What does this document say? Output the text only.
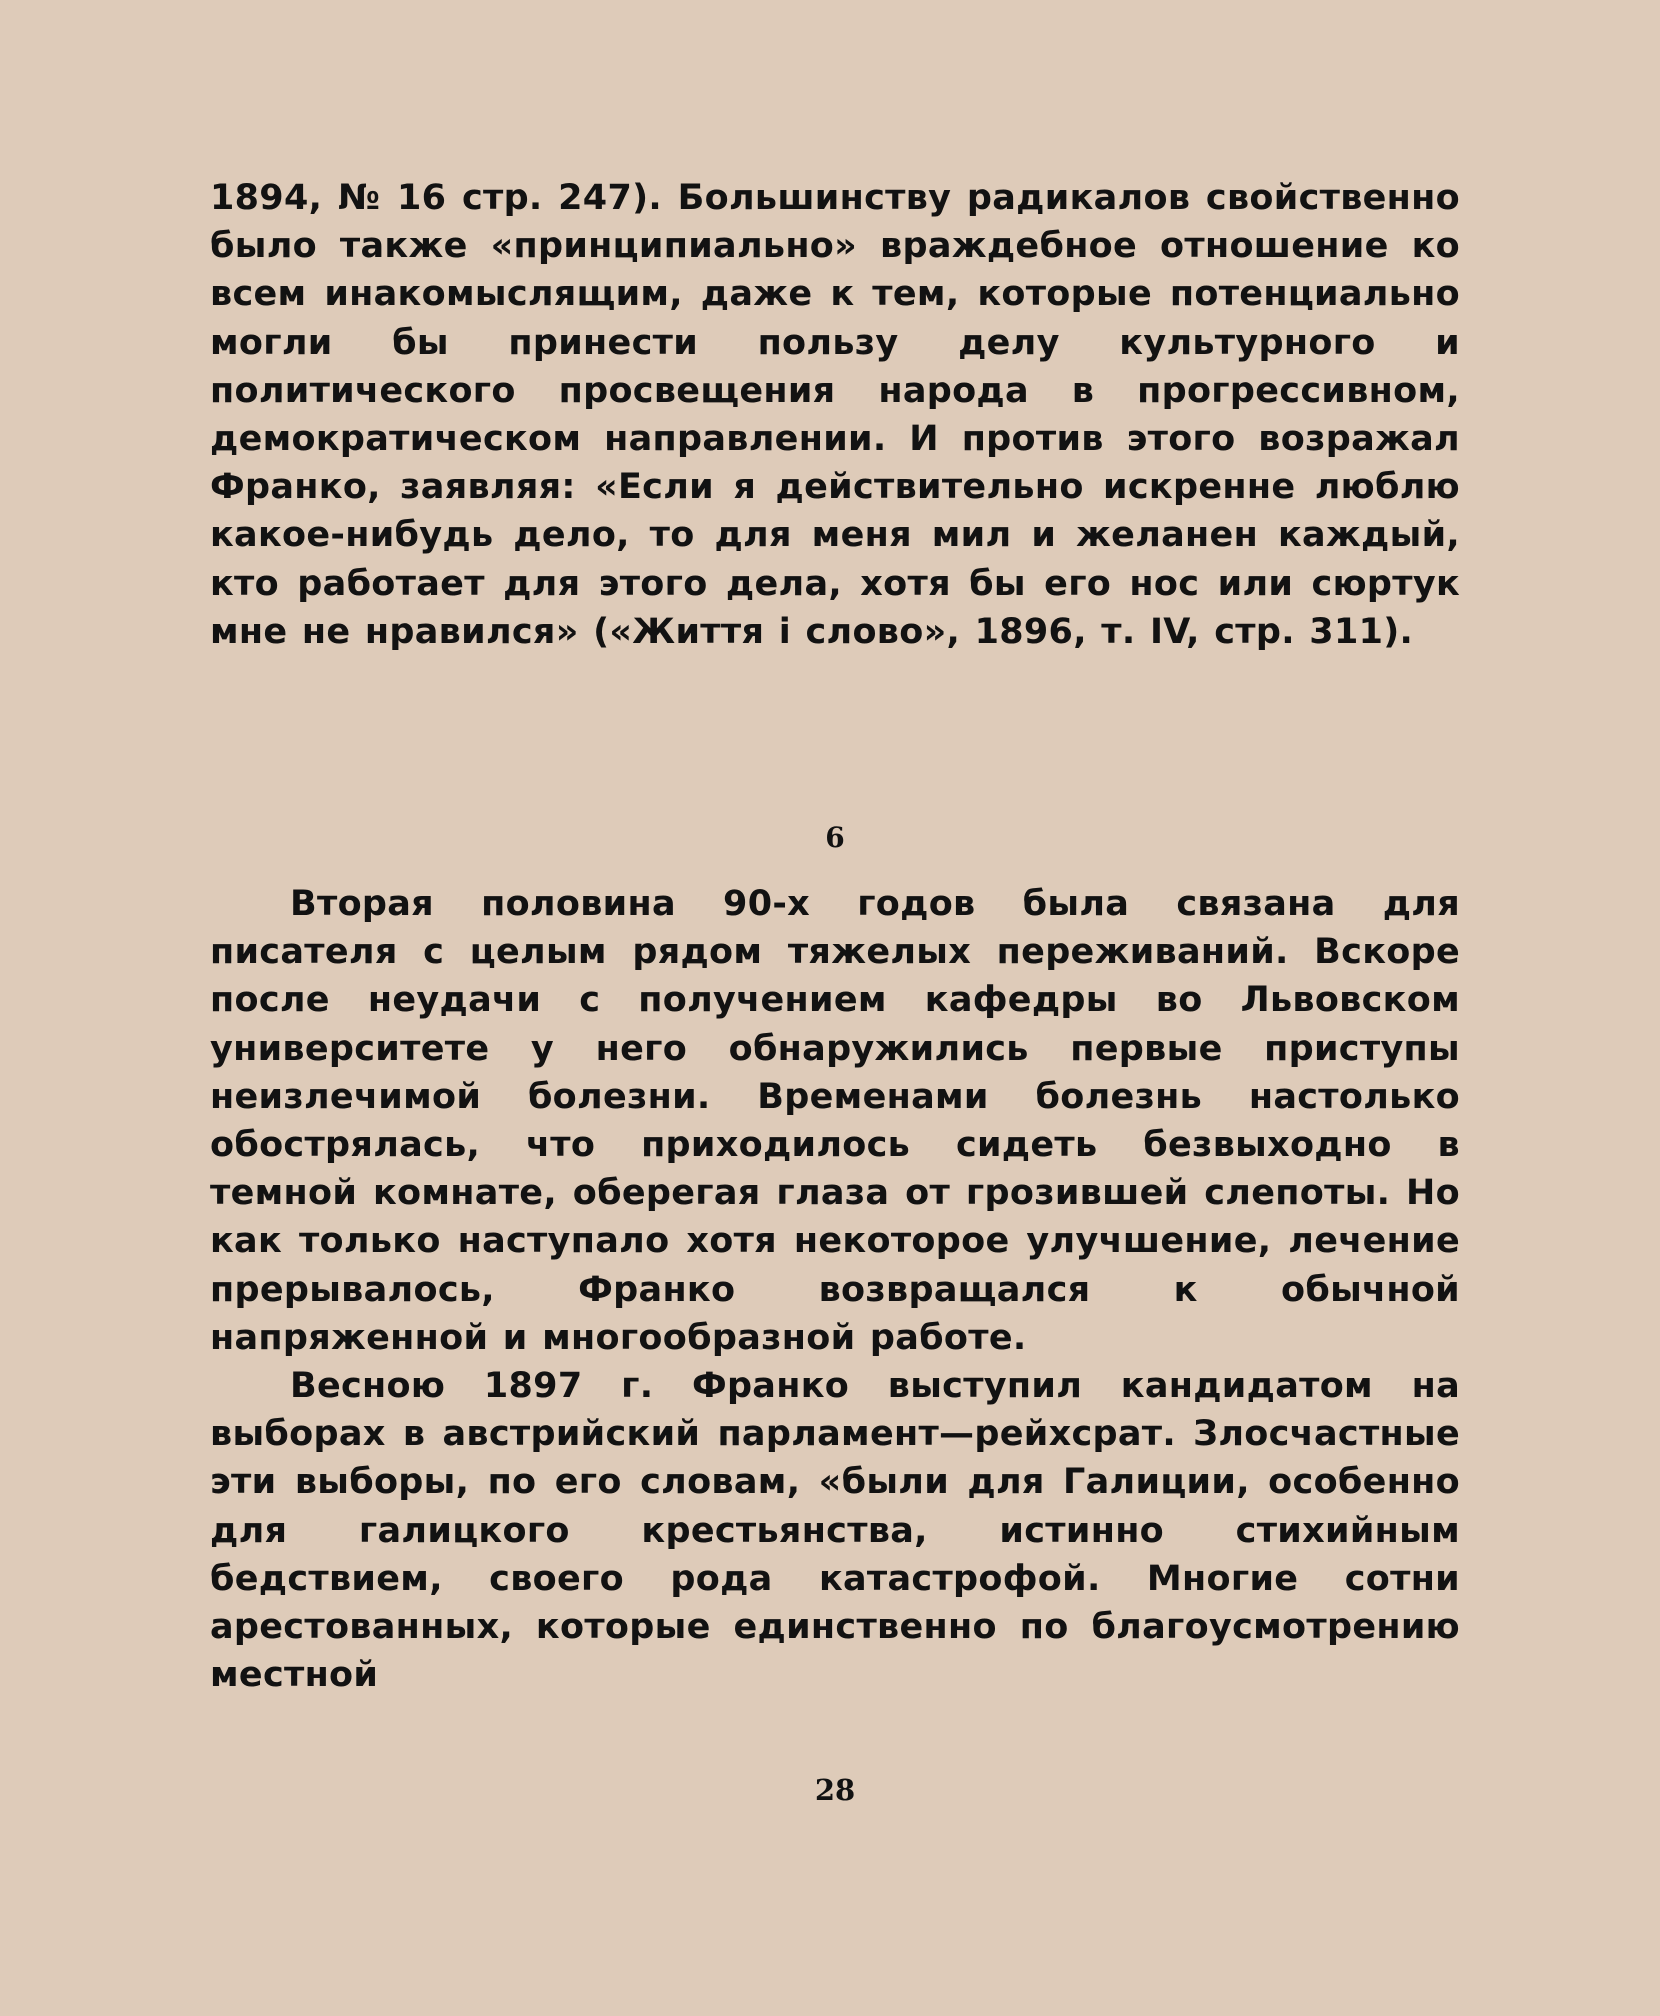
1894, № 16 стр. 247). Большинству радикалов свойственно было также «принципиально» враждебное отношение ко всем инакомыслящим, даже к тем, которые потенциально могли бы принести пользу делу культурного и политического просвещения народа в прогрессивном, демократическом направлении. И против этого возражал Франко, заявляя: «Если я действительно искренне люблю какое-нибудь дело, то для меня мил и желанен каждый, кто работает для этого дела, хотя бы его нос или сюртук мне не нравился» («Життя і слово», 1896, т. IV, стр. 311).

6

Вторая половина 90-х годов была связана для писателя с целым рядом тяжелых переживаний. Вскоре после неудачи с получением кафедры во Львовском университете у него обнаружились первые приступы неизлечимой болезни. Временами болезнь настолько обострялась, что приходилось сидеть безвыходно в темной комнате, оберегая глаза от грозившей слепоты. Но как только наступало хотя некоторое улучшение, лечение прерывалось, Франко возвращался к обычной напряженной и многообразной работе.

Весною 1897 г. Франко выступил кандидатом на выборах в австрийский парламент—рейхсрат. Злосчастные эти выборы, по его словам, «были для Галиции, особенно для галицкого крестьянства, истинно стихийным бедствием, своего рода катастрофой. Многие сотни арестованных, которые единственно по благоусмотрению местной

28
